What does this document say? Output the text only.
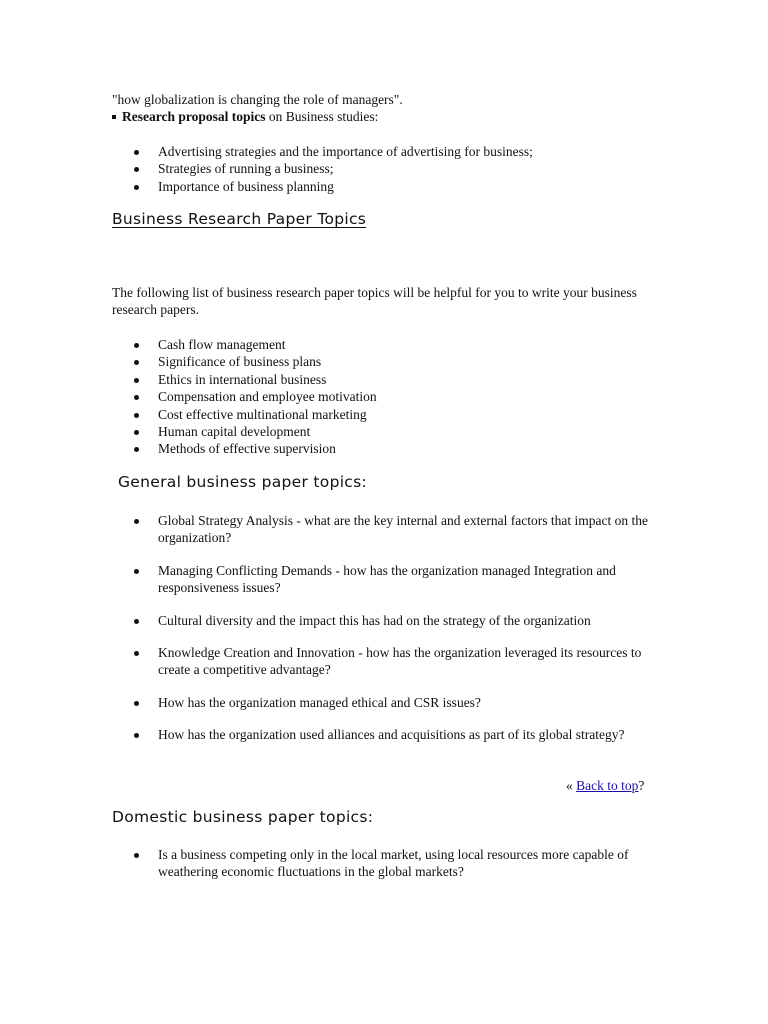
"how globalization is changing the role of managers".
Research proposal topics on Business studies:
Advertising strategies and the importance of advertising for business;
Strategies of running a business;
Importance of business planning
Business Research Paper Topics
The following list of business research paper topics will be helpful for you to write your business research papers.
Cash flow management
Significance of business plans
Ethics in international business
Compensation and employee motivation
Cost effective multinational marketing
Human capital development
Methods of effective supervision
General business paper topics:
Global Strategy Analysis - what are the key internal and external factors that impact on the organization?
Managing Conflicting Demands - how has the organization managed Integration and responsiveness issues?
Cultural diversity and the impact this has had on the strategy of the organization
Knowledge Creation and Innovation - how has the organization leveraged its resources to create a competitive advantage?
How has the organization managed ethical and CSR issues?
How has the organization used alliances and acquisitions as part of its global strategy?
« Back to top?
Domestic business paper topics:
Is a business competing only in the local market, using local resources more capable of weathering economic fluctuations in the global markets?
